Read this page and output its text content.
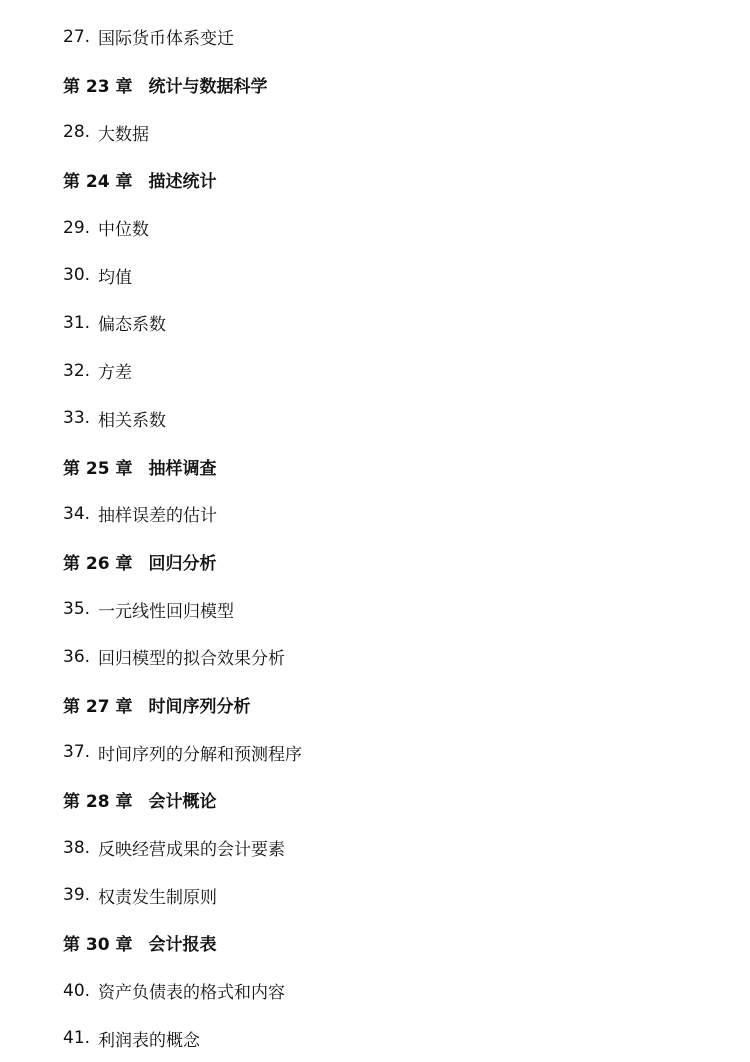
27. 国际货币体系变迁
第 23 章 统计与数据科学
28. 大数据
第 24 章 描述统计
29. 中位数
30. 均值
31. 偏态系数
32. 方差
33. 相关系数
第 25 章 抽样调查
34. 抽样误差的估计
第 26 章 回归分析
35. 一元线性回归模型
36. 回归模型的拟合效果分析
第 27 章 时间序列分析
37. 时间序列的分解和预测程序
第 28 章 会计概论
38. 反映经营成果的会计要素
39. 权责发生制原则
第 30 章 会计报表
40. 资产负债表的格式和内容
41. 利润表的概念
